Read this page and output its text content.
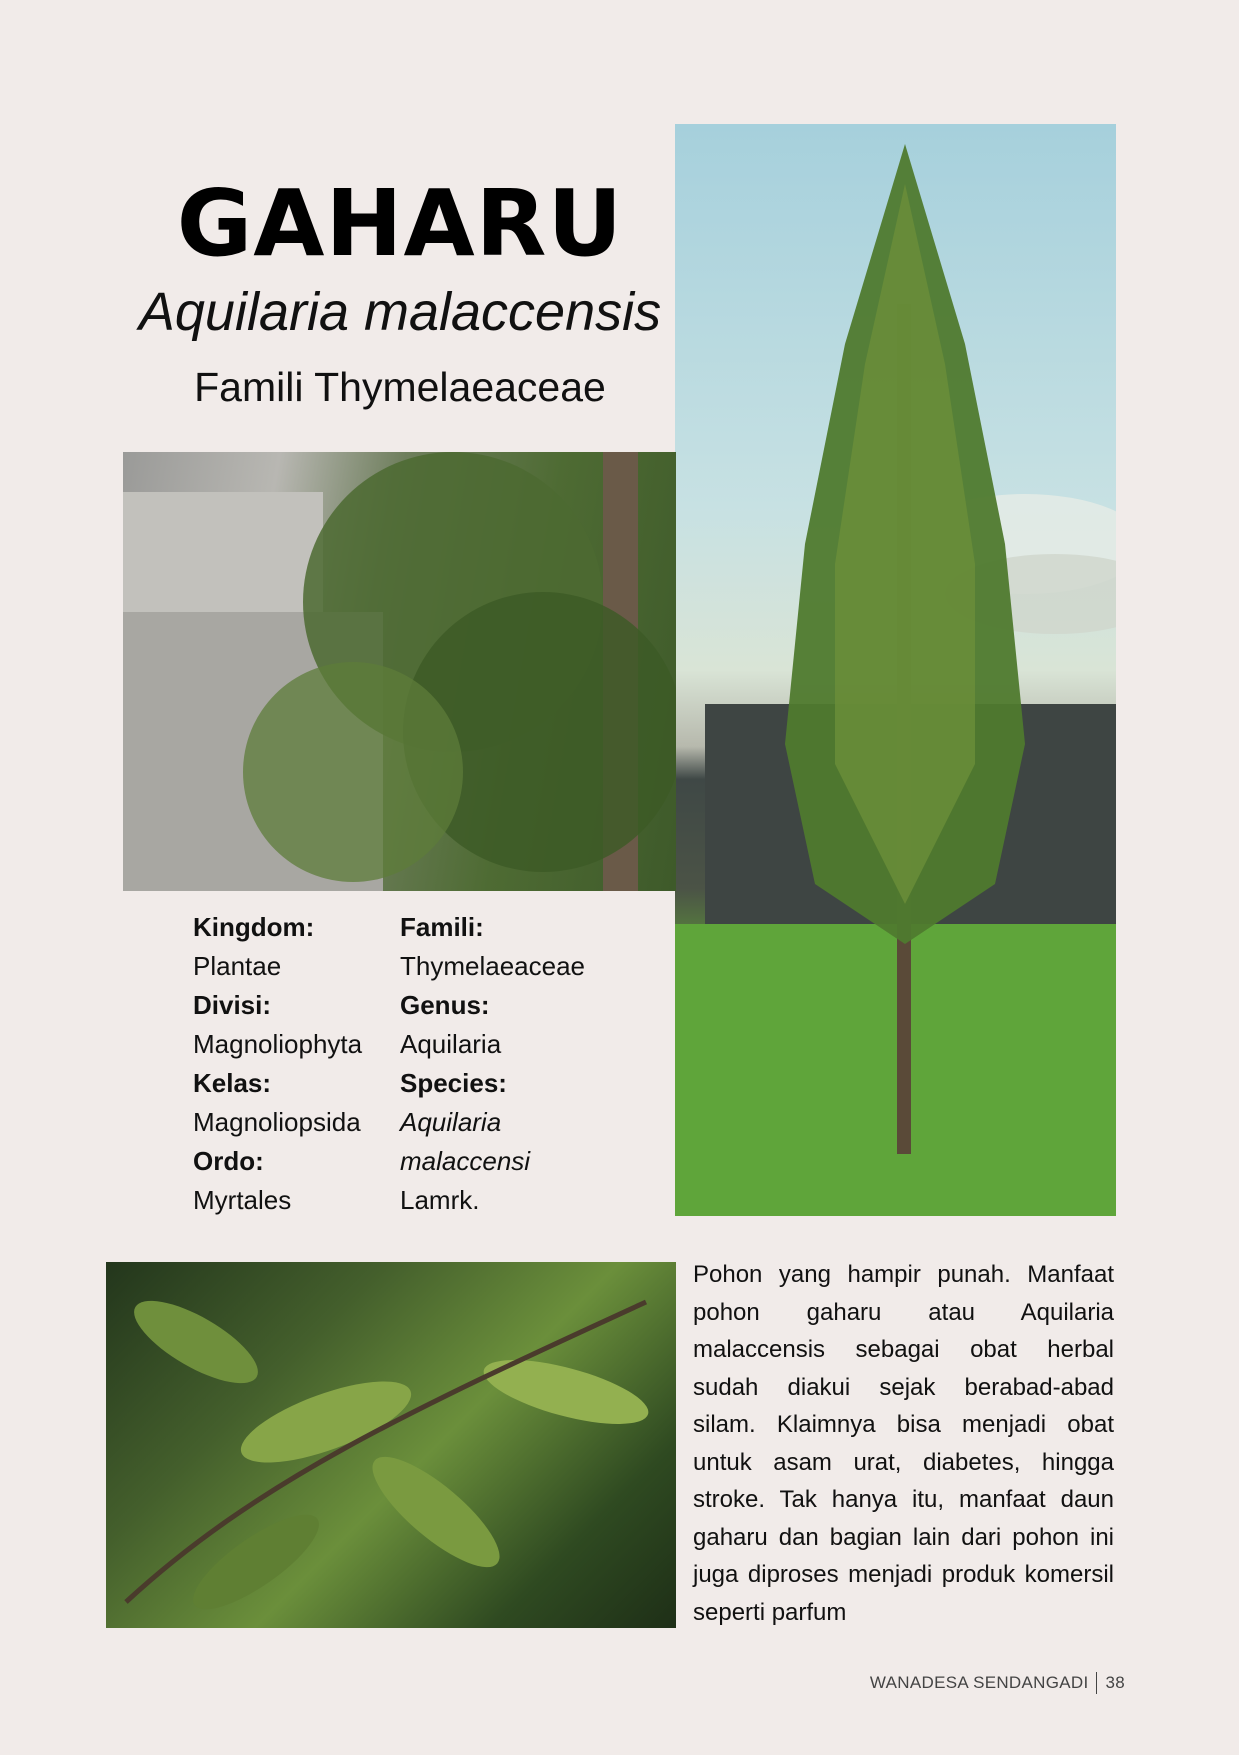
GAHARU
Aquilaria malaccensis
Famili Thymelaeaceae
Kingdom:
Plantae
Divisi:
Magnoliophyta
Kelas:
Magnoliopsida
Ordo:
Myrtales
Famili:
Thymelaeaceae
Genus:
Aquilaria
Species:
Aquilaria
malaccensi
Lamrk.
Pohon yang hampir punah. Manfaat pohon gaharu atau Aquilaria malaccensis sebagai obat herbal sudah diakui sejak berabad-abad silam. Klaimnya bisa menjadi obat untuk asam urat, diabetes, hingga stroke. Tak hanya itu, manfaat daun gaharu dan bagian lain dari pohon ini juga diproses menjadi produk komersil seperti parfum
WANADESA SENDANGADI 38
